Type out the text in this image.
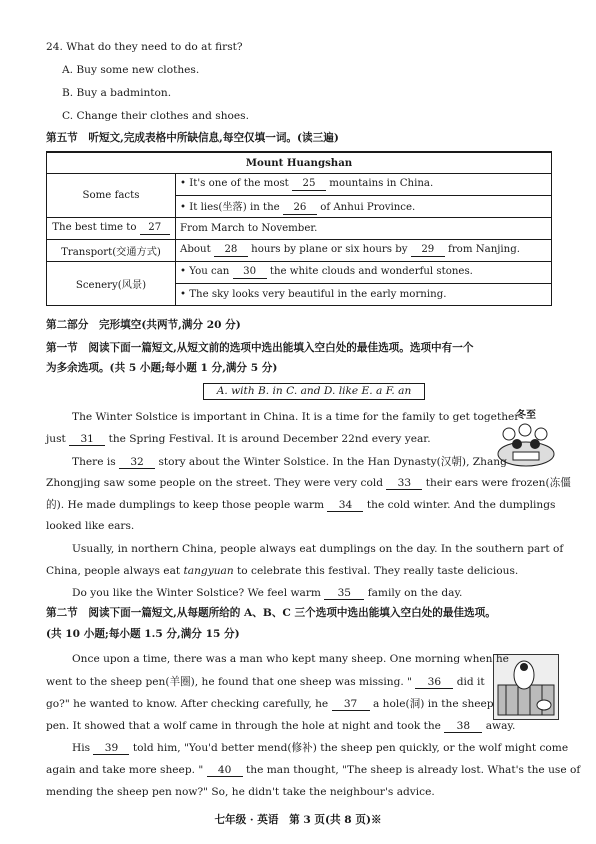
24. What do they need to do at first?
A. Buy some new clothes.
B. Buy a badminton.
C. Change their clothes and shoes.
第五节　听短文,完成表格中所缺信息,每空仅填一词。(读三遍)
Mount Huangshan	
Some facts	• It's one of the most 25 mountains in China.
	• It lies(坐落) in the 26 of Anhui Province.
The best time to 27	From March to November.
Transport(交通方式)	About 28 hours by plane or six hours by 29 from Nanjing.
Scenery(风景)	• You can 30 the white clouds and wonderful stones.
	• The sky looks very beautiful in the early morning.
第二部分　完形填空(共两节,满分 20 分)
第一节　阅读下面一篇短文,从短文前的选项中选出能填入空白处的最佳选项。选项中有一个
为多余选项。(共 5 小题;每小题 1 分,满分 5 分)
A. with B. in C. and D. like E. a F. an
冬至
The Winter Solstice is important in China. It is a time for the family to get together
just 31 the Spring Festival. It is around December 22nd every year.
There is 32 story about the Winter Solstice. In the Han Dynasty(汉朝), Zhang
Zhongjing saw some people on the street. They were very cold 33 their ears were frozen(冻僵
的). He made dumplings to keep those people warm 34 the cold winter. And the dumplings
looked like ears.
Usually, in northern China, people always eat dumplings on the day. In the southern part of
China, people always eat tangyuan to celebrate this festival. They really taste delicious.
Do you like the Winter Solstice? We feel warm 35 family on the day.
第二节　阅读下面一篇短文,从每题所给的 A、B、C 三个选项中选出能填入空白处的最佳选项。
(共 10 小题;每小题 1.5 分,满分 15 分)
Once upon a time, there was a man who kept many sheep. One morning when he
went to the sheep pen(羊圈), he found that one sheep was missing. " 36 did it
go?" he wanted to know. After checking carefully, he 37 a hole(洞) in the sheep
pen. It showed that a wolf came in through the hole at night and took the 38 away.
His 39 told him, "You'd better mend(修补) the sheep pen quickly, or the wolf might come
again and take more sheep. " 40 the man thought, "The sheep is already lost. What's the use of
mending the sheep pen now?" So, he didn't take the neighbour's advice.
七年级 · 英语　第 3 页(共 8 页)※
